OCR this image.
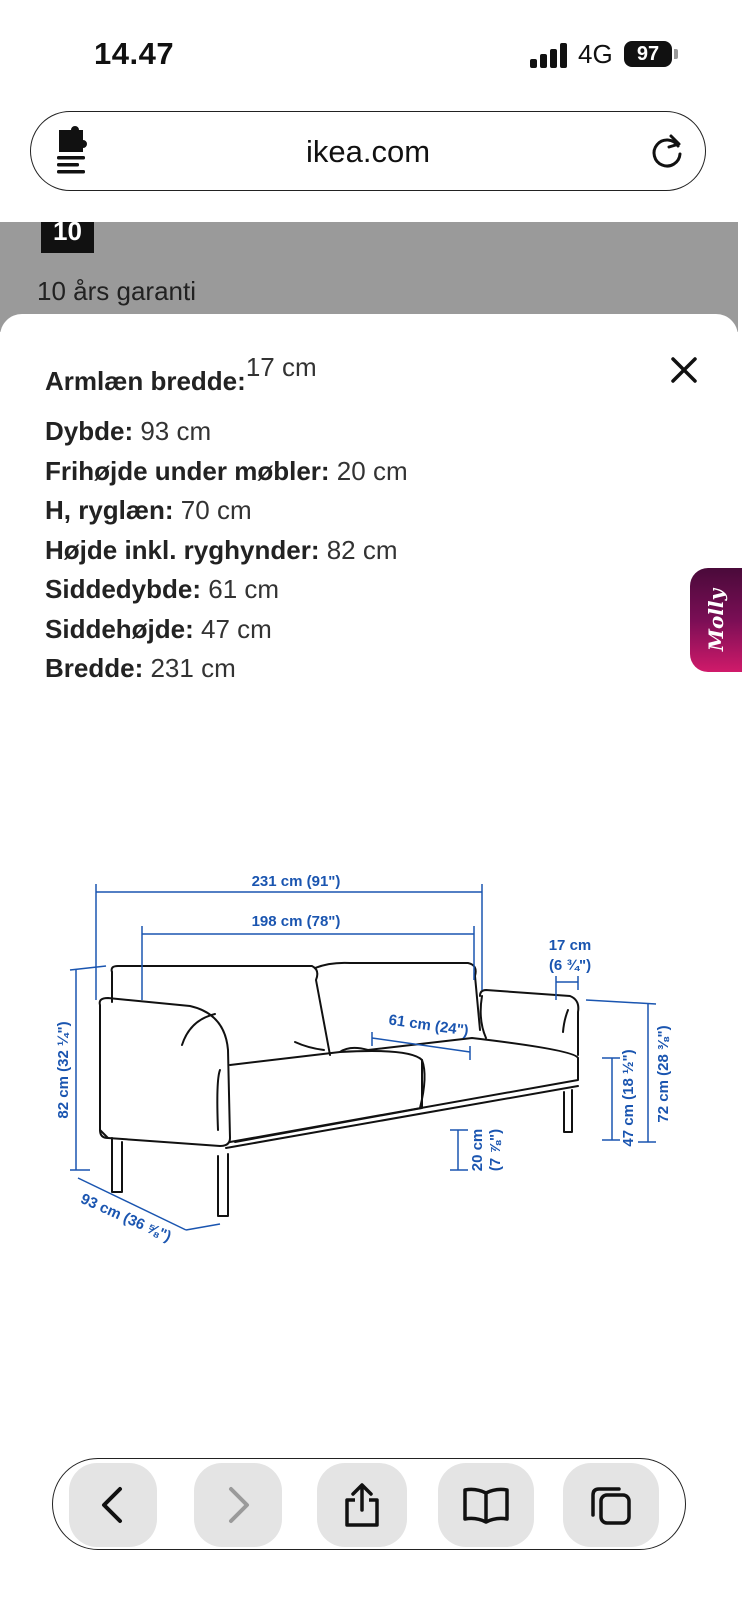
14.47	4G	97
ikea.com
10
10 års garanti
Armlæn bredde:17 cm
Dybde: 93 cm
Frihøjde under møbler: 20 cm
H, ryglæn: 70 cm
Højde inkl. ryghynder: 82 cm
Siddedybde: 61 cm
Siddehøjde: 47 cm
Bredde: 231 cm
Molly
231 cm (91")
198 cm (78")
17 cm
(6 ¾")
61 cm (24")
82 cm (32 ¼")
93 cm (36 ⅝")
20 cm (7 ⅞")
47 cm (18 ½") 72 cm (28 ⅜")
